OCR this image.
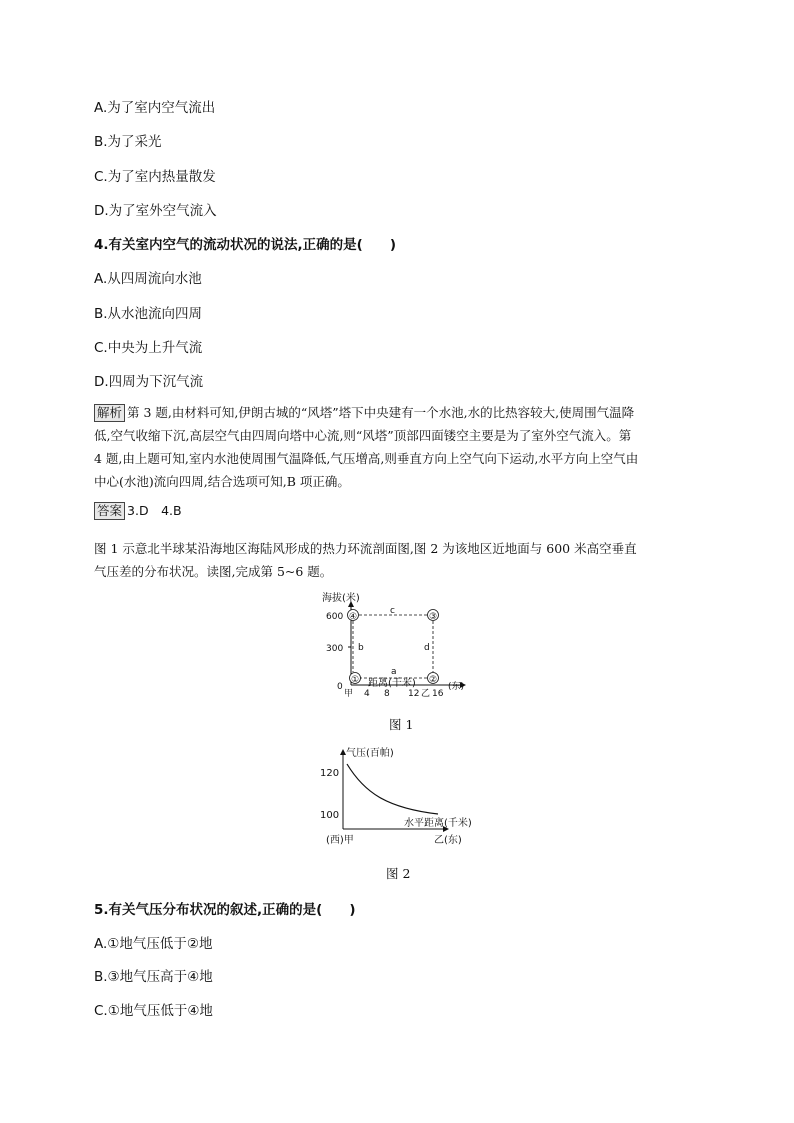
A.为了室内空气流出
B.为了采光
C.为了室内热量散发
D.为了室外空气流入
4.有关室内空气的流动状况的说法,正确的是(　　)
A.从四周流向水池
B.从水池流向四周
C.中央为上升气流
D.四周为下沉气流
解析 第 3 题,由材料可知,伊朗古城的“风塔”塔下中央建有一个水池,水的比热容较大,使周围气温降
低,空气收缩下沉,高层空气由四周向塔中心流,则“风塔”顶部四面镂空主要是为了室外空气流入。第
4 题,由上题可知,室内水池使周围气温降低,气压增高,则垂直方向上空气向下运动,水平方向上空气由
中心(水池)流向四周,结合选项可知,B 项正确。
答案 3.D　4.B
图 1 示意北半球某沿海地区海陆风形成的热力环流剖面图,图 2 为该地区近地面与 600 米高空垂直
气压差的分布状况。读图,完成第 5~6 题。
海拔(米)
600
300
0
④	③
①	②
c
b	d
a
距离(千米)
甲 4 8 12 乙 16
(东)
图 1
气压(百帕)
120
100
水平距离(千米)
(西)甲	乙(东)
图 2
5.有关气压分布状况的叙述,正确的是(　　)
A.①地气压低于②地
B.③地气压高于④地
C.①地气压低于④地
